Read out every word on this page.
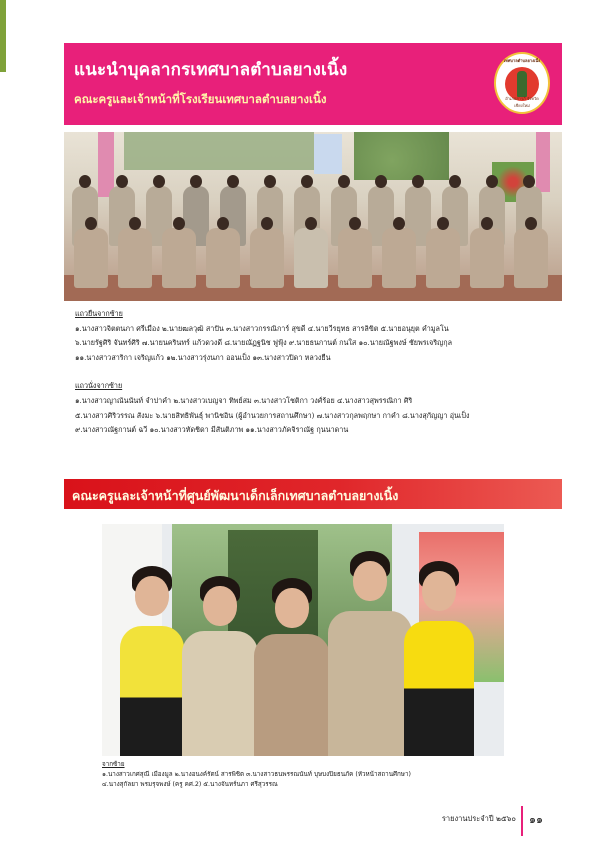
แนะนำบุคลากรเทศบาลตำบลยางเนิ้ง
คณะครูและเจ้าหน้าที่โรงเรียนเทศบาลตำบลยางเนิ้ง
เทศบาลตำบลยางเนิ้ง
อำเภอสารภี จังหวัดเชียงใหม่
แถวยืนจากซ้าย
๑.นางสาวจิตตนภา ศรีเมือง ๒.นายฒลวุฒิ สาปัน ๓.นางสาวกรรณิการ์ สุขดี ๔.นายวีรยุทธ สารลิขิต ๕.นายอนุยุต คำมูลโน
๖.นายรัฐศิริ จันทร์ศิริ ๗.นายนครินทร์ แก้วดวงดี ๘.นายณัฏฐนิช ฟูฟุ้ง ๙.นายธนกานต์ กนใส ๑๐.นายณัฐพงษ์ ชัยพรเจริญกุล
๑๑.นางสาวสาริกา เจริญแก้ว ๑๒.นางสาวรุ่งนภา ออนเป็ง ๑๓.นางสาวปิดา หลวงยืน
แถวนั่งจากซ้าย
๑.นางสาวญาณันนันท์ จำปาคำ ๒.นางสาวเบญจา ทิพย์สม ๓.นางสาวโชติกา วงศ์ร้อย ๔.นางสาวสุพรรณิกา ศิริ
๕.นางสาวศิริวรรณ สังมะ ๖.นายสิทธิพันธุ์ พานิชอิน (ผู้อำนวยการสถานศึกษา) ๗.นางสาวกุลพฤกษา กาคำ ๘.นางสุกัญญา อุ่นเป็ง
๙.นางสาวณัฐกานต์ ฉวี ๑๐.นางสาวทัดชิดา มีสันติภาพ ๑๑.นางสาวภัคจิราณัฐ กุนนาดาน
คณะครูและเจ้าหน้าที่ศูนย์พัฒนาเด็กเล็กเทศบาลตำบลยางเนิ้ง
จากซ้าย
๑.นางสาวเกศสุณี เมืองมูล ๒.นางอนงค์รัตน์ สารพิชิต ๓.นางสาวธนพรรณนันท์ บุษบงปิยธนภัค (หัวหน้าสถานศึกษา)
๔.นางสุกัลยา พรมรุจพงษ์ (ครู คศ.2) ๕.นางจันทร์นภา ศรีสุวรรณ
รายงานประจำปี ๒๕๖๐ ๑๑
